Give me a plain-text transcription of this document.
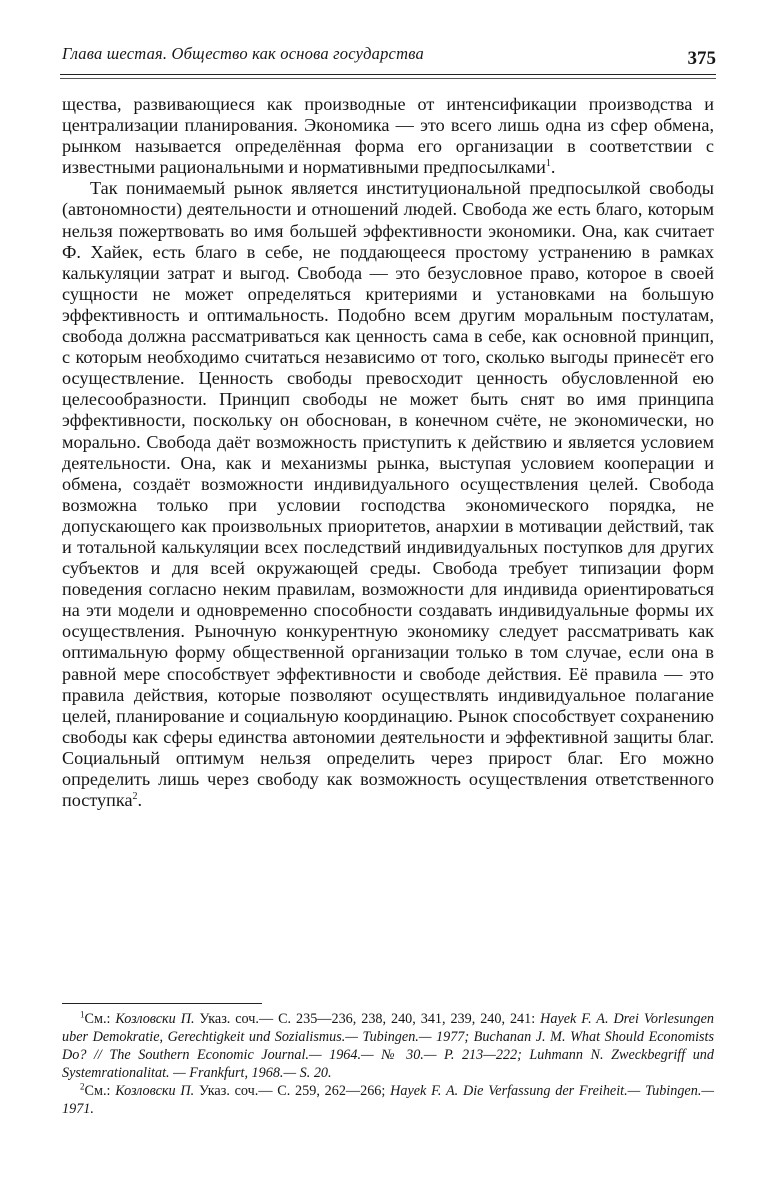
Глава шестая. Общество как основа государства	375

щества, развивающиеся как производные от интенсификации производства и централизации планирования. Экономика — это всего лишь одна из сфер обмена, рынком называется определённая форма его организации в соответствии с известными рациональными и нормативными предпосылками$^1$.

Так понимаемый рынок является институциональной предпосылкой свободы (автономности) деятельности и отношений людей. Свобода же есть благо, которым нельзя пожертвовать во имя большей эффективности экономики. Она, как считает Ф. Хайек, есть благо в себе, не поддающееся простому устранению в рамках калькуляции затрат и выгод. Свобода — это безусловное право, которое в своей сущности не может определяться критериями и установками на большую эффективность и оптимальность. Подобно всем другим моральным постулатам, свобода должна рассматриваться как ценность сама в себе, как основной принцип, с которым необходимо считаться независимо от того, сколько выгоды принесёт его осуществление. Ценность свободы превосходит ценность обусловленной ею целесообразности. Принцип свободы не может быть снят во имя принципа эффективности, поскольку он обоснован, в конечном счёте, не экономически, но морально. Свобода даёт возможность приступить к действию и является условием деятельности. Она, как и механизмы рынка, выступая условием кооперации и обмена, создаёт возможности индивидуального осуществления целей. Свобода возможна только при условии господства экономического порядка, не допускающего как произвольных приоритетов, анархии в мотивации действий, так и тотальной калькуляции всех последствий индивидуальных поступков для других субъектов и для всей окружающей среды. Свобода требует типизации форм поведения согласно неким правилам, возможности для индивида ориентироваться на эти модели и одновременно способности создавать индивидуальные формы их осуществления. Рыночную конкурентную экономику следует рассматривать как оптимальную форму общественной организации только в том случае, если она в равной мере способствует эффективности и свободе действия. Её правила — это правила действия, которые позволяют осуществлять индивидуальное полагание целей, планирование и социальную координацию. Рынок способствует сохранению свободы как сферы единства автономии деятельности и эффективной защиты благ. Социальный оптимум нельзя определить через прирост благ. Его можно определить лишь через свободу как возможность осуществления ответственного поступка$^2$.

$^1$См.: Козловски П. Указ. соч.— С. 235—236, 238, 240, 341, 239, 240, 241: Hayek F. A. Drei Vorlesungen uber Demokratie, Gerechtigkeit und Sozialismus.— Tubingen.— 1977; Buchanan J. M. What Should Economists Do? // The Southern Economic Journal.— 1964.— № 30.— P. 213—222; Luhmann N. Zweckbegriff und Systemrationalitat. — Frankfurt, 1968.— S. 20.

$^2$См.: Козловски П. Указ. соч.— С. 259, 262—266; Hayek F. A. Die Verfassung der Freiheit.— Tubingen.— 1971.
